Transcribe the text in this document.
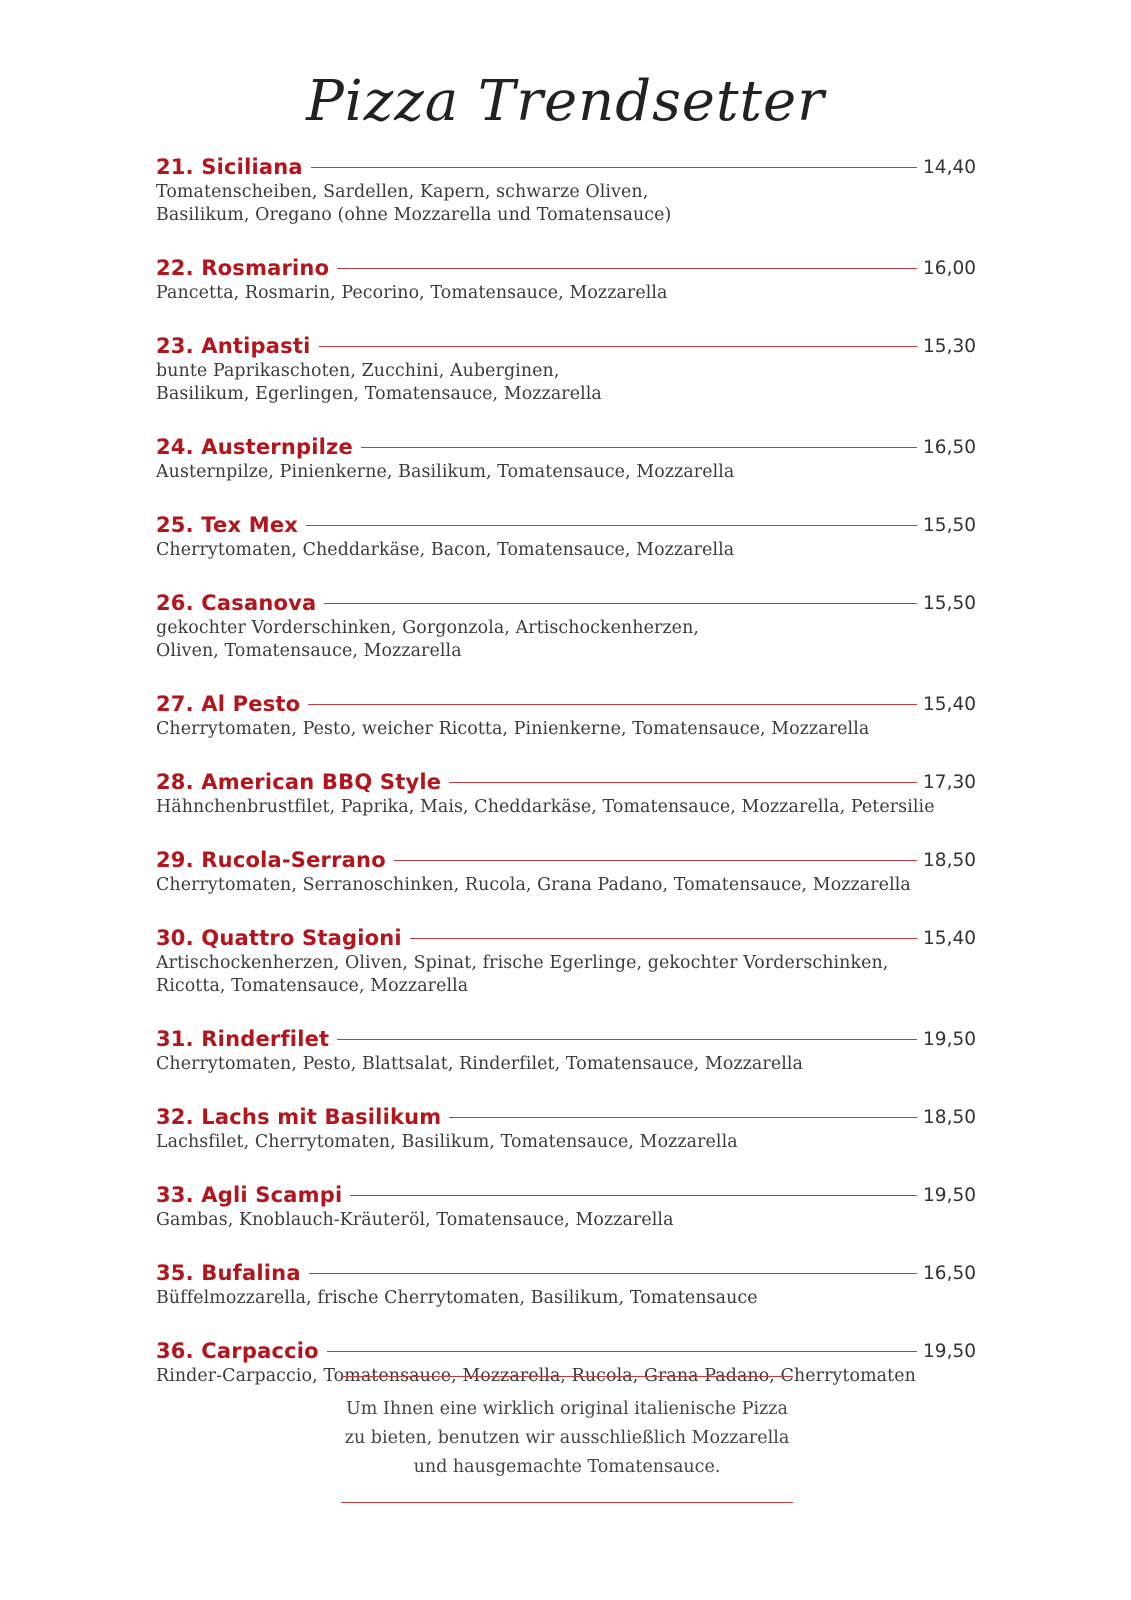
Pizza Trendsetter
21. Siciliana	14,40
Tomatenscheiben, Sardellen, Kapern, schwarze Oliven,
Basilikum, Oregano (ohne Mozzarella und Tomatensauce)
22. Rosmarino	16,00
Pancetta, Rosmarin, Pecorino, Tomatensauce, Mozzarella
23. Antipasti	15,30
bunte Paprikaschoten, Zucchini, Auberginen,
Basilikum, Egerlingen, Tomatensauce, Mozzarella
24. Austernpilze	16,50
Austernpilze, Pinienkerne, Basilikum, Tomatensauce, Mozzarella
25. Tex Mex	15,50
Cherrytomaten, Cheddarkäse, Bacon, Tomatensauce, Mozzarella
26. Casanova	15,50
gekochter Vorderschinken, Gorgonzola, Artischockenherzen,
Oliven, Tomatensauce, Mozzarella
27. Al Pesto	15,40
Cherrytomaten, Pesto, weicher Ricotta, Pinienkerne, Tomatensauce, Mozzarella
28. American BBQ Style	17,30
Hähnchenbrustfilet, Paprika, Mais, Cheddarkäse, Tomatensauce, Mozzarella, Petersilie
29. Rucola-Serrano	18,50
Cherrytomaten, Serranoschinken, Rucola, Grana Padano, Tomatensauce, Mozzarella
30. Quattro Stagioni	15,40
Artischockenherzen, Oliven, Spinat, frische Egerlinge, gekochter Vorderschinken,
Ricotta, Tomatensauce, Mozzarella
31. Rinderfilet	19,50
Cherrytomaten, Pesto, Blattsalat, Rinderfilet, Tomatensauce, Mozzarella
32. Lachs mit Basilikum	18,50
Lachsfilet, Cherrytomaten, Basilikum, Tomatensauce, Mozzarella
33. Agli Scampi	19,50
Gambas, Knoblauch-Kräuteröl, Tomatensauce, Mozzarella
35. Bufalina	16,50
Büffelmozzarella, frische Cherrytomaten, Basilikum, Tomatensauce
36. Carpaccio	19,50
Rinder-Carpaccio, Tomatensauce, Mozzarella, Rucola, Grana Padano, Cherrytomaten
Um Ihnen eine wirklich original italienische Pizza
zu bieten, benutzen wir ausschließlich Mozzarella
und hausgemachte Tomatensauce.
